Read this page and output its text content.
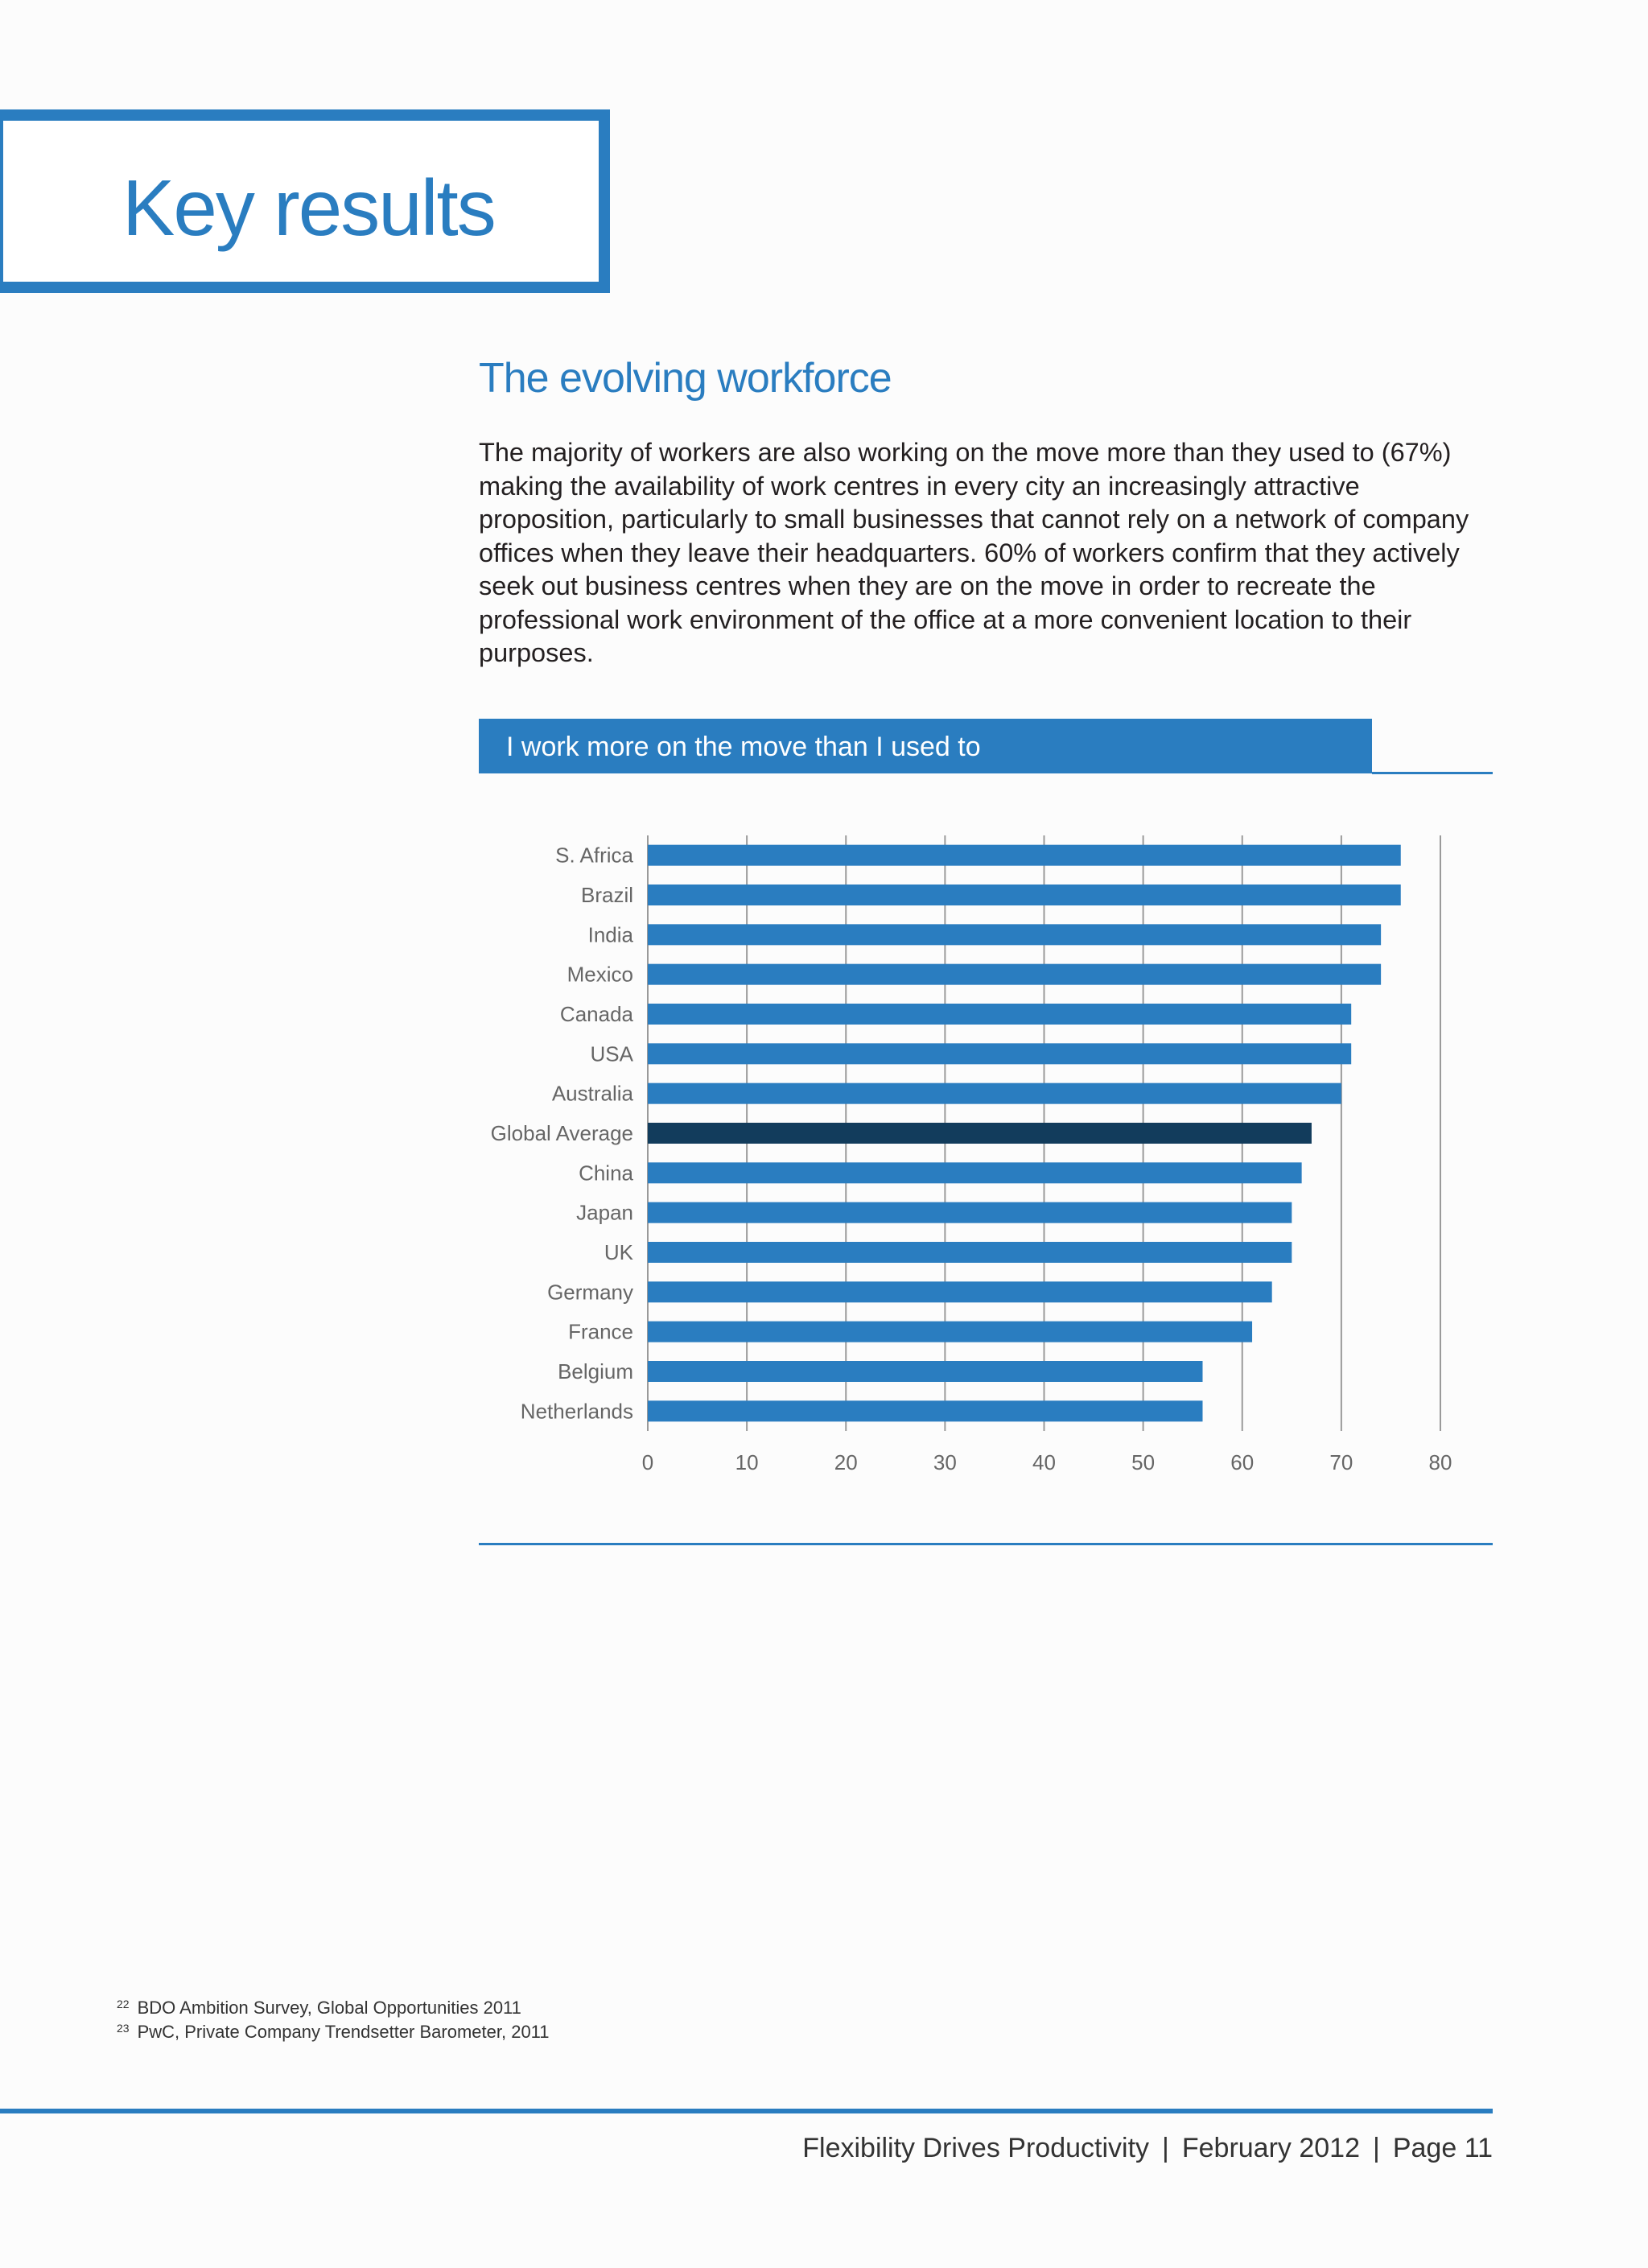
Key results
The evolving workforce

The majority of workers are also working on the move more than they used to (67%) making the availability of work centres in every city an increasingly attractive proposition, particularly to small businesses that cannot rely on a network of company offices when they leave their headquarters. 60% of workers confirm that they actively seek out business centres when they are on the move in order to recreate the professional work environment of the office at a more convenient location to their purposes.

I work more on the move than I used to
0	10	20	30	40	50	60	70	80
S. Africa
Brazil
India
Mexico
Canada
USA
Australia
Global Average
China
Japan
UK
Germany
France
Belgium
Netherlands
$^{22}$ BDO Ambition Survey, Global Opportunities 2011
$^{23}$ PwC, Private Company Trendsetter Barometer, 2011
Flexibility Drives Productivity | February 2012 | Page 11
